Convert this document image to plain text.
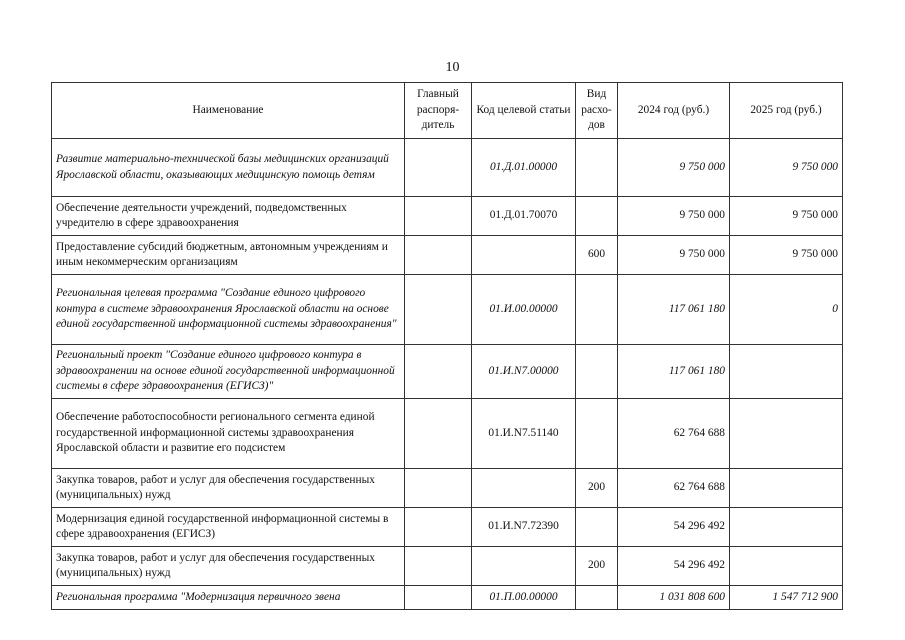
10
Наименование	Главный распоря-дитель	Код целевой статьи	Вид расхо-дов	2024 год (руб.)	2025 год (руб.)
Развитие материально-технической базы медицинских организаций Ярославской области, оказывающих медицинскую помощь детям		01.Д.01.00000		9 750 000	9 750 000
Обеспечение деятельности учреждений, подведомственных учредителю в сфере здравоохранения		01.Д.01.70070		9 750 000	9 750 000
Предоставление субсидий бюджетным, автономным учреждениям и иным некоммерческим организациям			600	9 750 000	9 750 000
Региональная целевая программа "Создание единого цифрового контура в системе здравоохранения Ярославской области на основе единой государственной информационной системы здравоохранения"		01.И.00.00000		117 061 180	0
Региональный проект "Создание единого цифрового контура в здравоохранении на основе единой государственной информационной системы в сфере здравоохранения (ЕГИСЗ)"		01.И.N7.00000		117 061 180	
Обеспечение работоспособности регионального сегмента единой государственной информационной системы здравоохранения Ярославской области и развитие его подсистем		01.И.N7.51140		62 764 688	
Закупка товаров, работ и услуг для обеспечения государственных (муниципальных) нужд			200	62 764 688	
Модернизация единой государственной информационной системы в сфере здравоохранения (ЕГИСЗ)		01.И.N7.72390		54 296 492	
Закупка товаров, работ и услуг для обеспечения государственных (муниципальных) нужд			200	54 296 492	
Региональная программа "Модернизация первичного звена		01.П.00.00000		1 031 808 600	1 547 712 900
